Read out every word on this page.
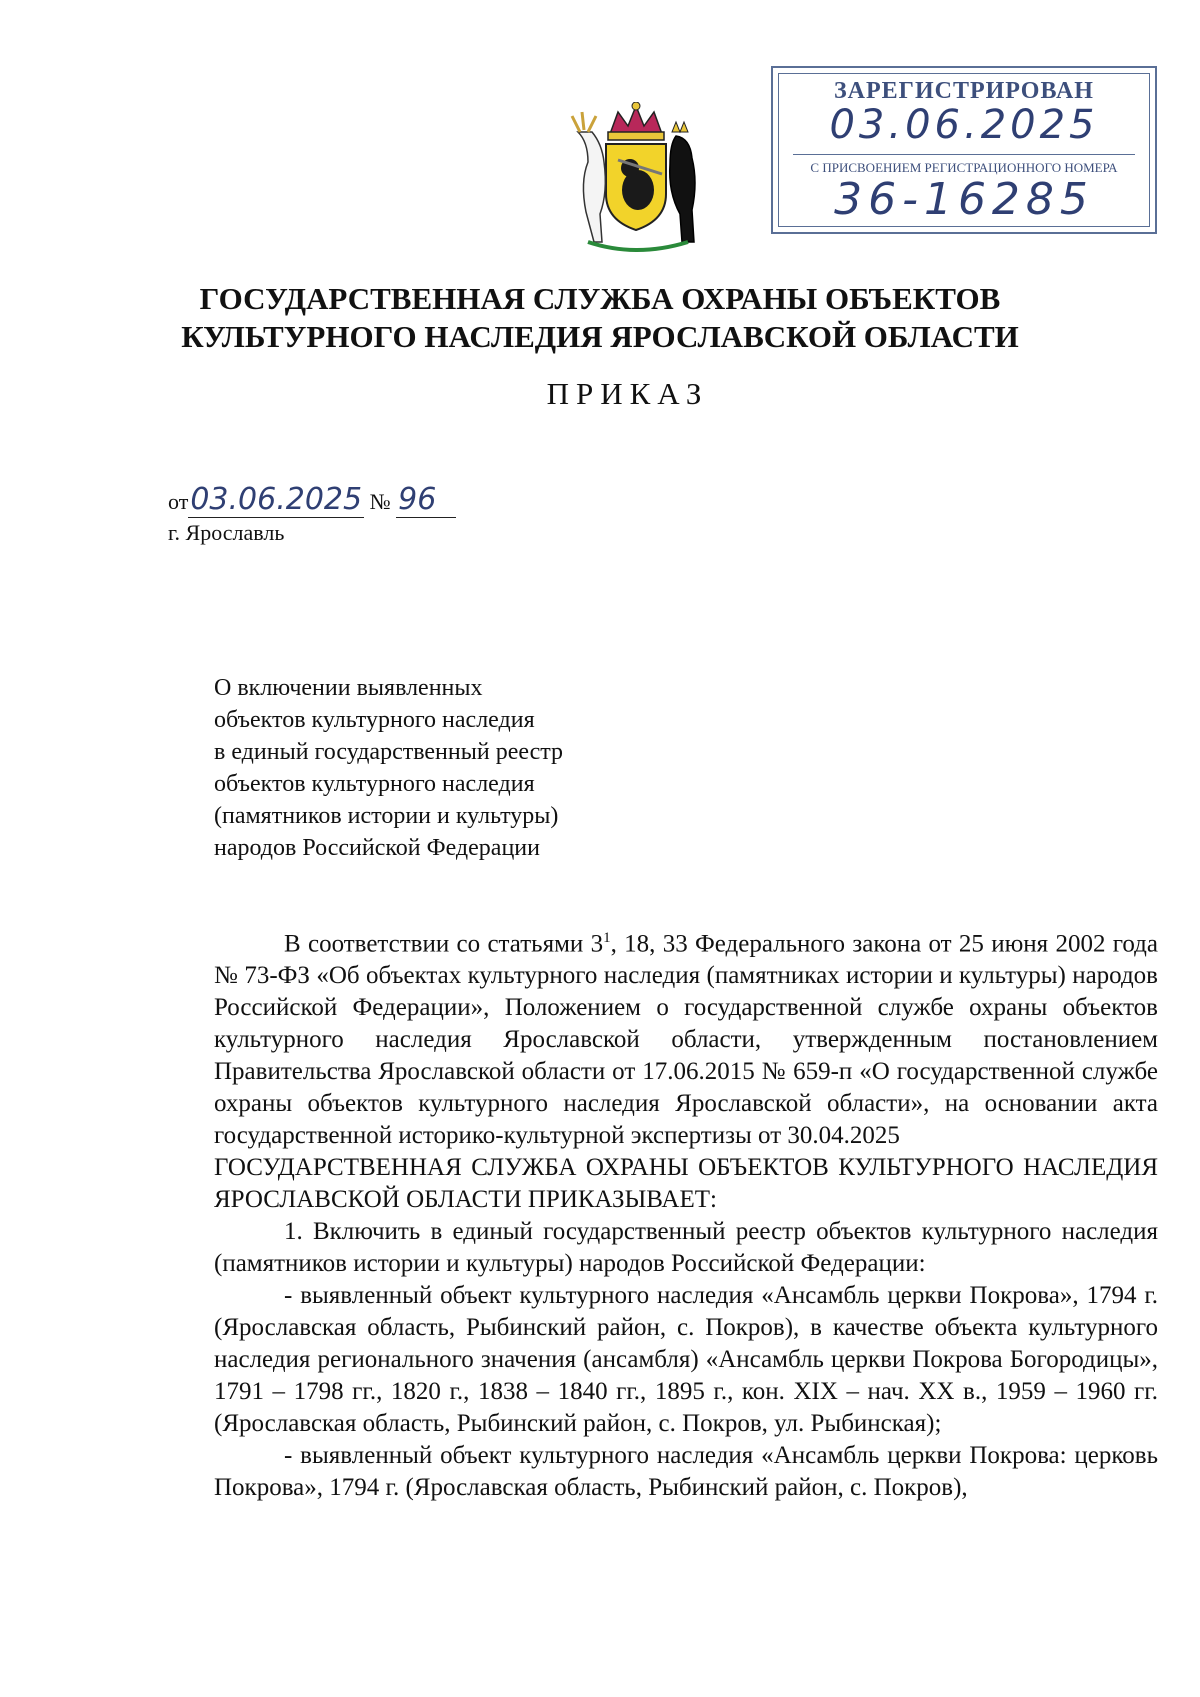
ЗАРЕГИСТРИРОВАН
03.06.2025
С ПРИСВОЕНИЕМ РЕГИСТРАЦИОННОГО НОМЕРА
36-16285
ГОСУДАРСТВЕННАЯ СЛУЖБА ОХРАНЫ ОБЪЕКТОВ
КУЛЬТУРНОГО НАСЛЕДИЯ ЯРОСЛАВСКОЙ ОБЛАСТИ
ПРИКАЗ
от03.06.2025 № 96
г. Ярославль
О включении выявленных
объектов культурного наследия
в единый государственный реестр
объектов культурного наследия
(памятников истории и культуры)
народов Российской Федерации

В соответствии со статьями $3^1$, 18, 33 Федерального закона от 25 июня 2002 года № 73-ФЗ «Об объектах культурного наследия (памятниках истории и культуры) народов Российской Федерации», Положением о государственной службе охраны объектов культурного наследия Ярославской области, утвержденным постановлением Правительства Ярославской области от 17.06.2015 № 659-п «О государственной службе охраны объектов культурного наследия Ярославской области», на основании акта государственной историко-культурной экспертизы от 30.04.2025

ГОСУДАРСТВЕННАЯ СЛУЖБА ОХРАНЫ ОБЪЕКТОВ КУЛЬТУРНОГО НАСЛЕДИЯ ЯРОСЛАВСКОЙ ОБЛАСТИ ПРИКАЗЫВАЕТ:

1. Включить в единый государственный реестр объектов культурного наследия (памятников истории и культуры) народов Российской Федерации:

- выявленный объект культурного наследия «Ансамбль церкви Покрова», 1794 г. (Ярославская область, Рыбинский район, с. Покров), в качестве объекта культурного наследия регионального значения (ансамбля) «Ансамбль церкви Покрова Богородицы», 1791 – 1798 гг., 1820 г., 1838 – 1840 гг., 1895 г., кон. XIX – нач. XX в., 1959 – 1960 гг. (Ярославская область, Рыбинский район, с. Покров, ул. Рыбинская);

- выявленный объект культурного наследия «Ансамбль церкви Покрова: церковь Покрова», 1794 г. (Ярославская область, Рыбинский район, с. Покров),
